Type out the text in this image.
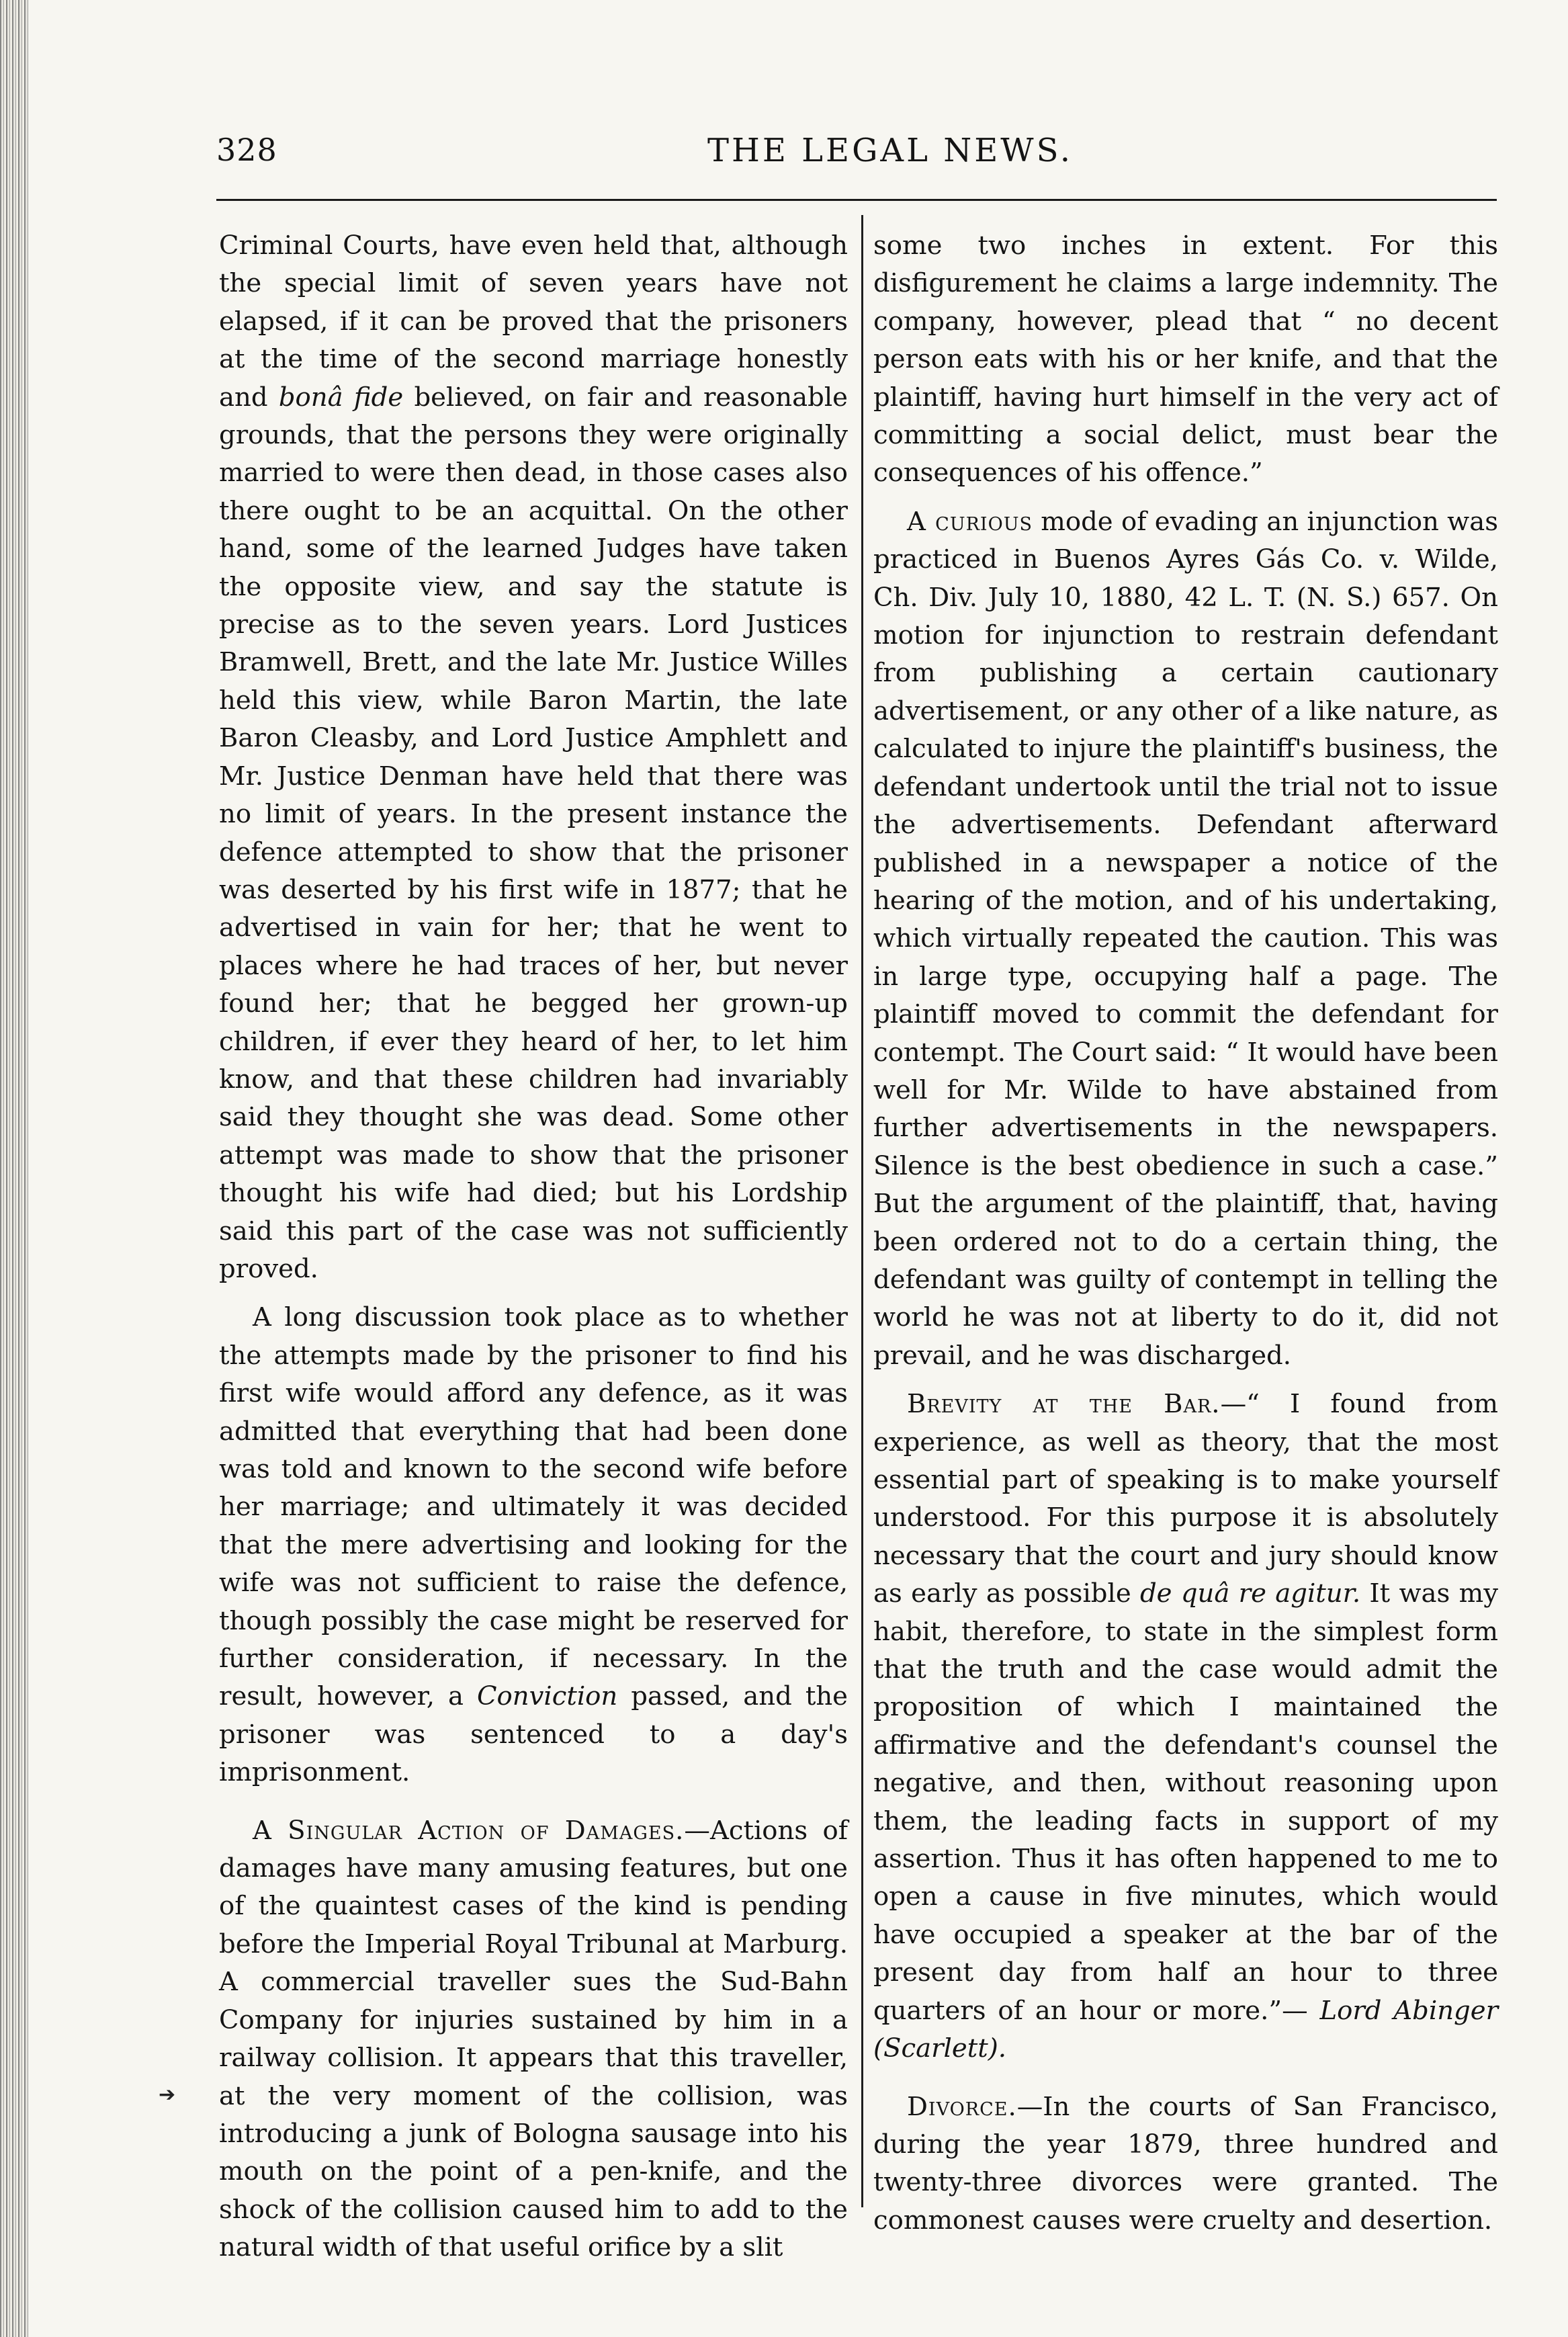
328	THE LEGAL NEWS.

Criminal Courts, have even held that, although the special limit of seven years have not elapsed, if it can be proved that the prisoners at the time of the second marriage honestly and bonâ fide believed, on fair and reasonable grounds, that the persons they were originally married to were then dead, in those cases also there ought to be an acquittal. On the other hand, some of the learned Judges have taken the opposite view, and say the statute is precise as to the seven years. Lord Justices Bramwell, Brett, and the late Mr. Justice Willes held this view, while Baron Martin, the late Baron Cleasby, and Lord Justice Amphlett and Mr. Justice Denman have held that there was no limit of years. In the present instance the defence attempted to show that the prisoner was deserted by his first wife in 1877; that he advertised in vain for her; that he went to places where he had traces of her, but never found her; that he begged her grown-up children, if ever they heard of her, to let him know, and that these children had invariably said they thought she was dead. Some other attempt was made to show that the prisoner thought his wife had died; but his Lordship said this part of the case was not sufficiently proved.

A long discussion took place as to whether the attempts made by the prisoner to find his first wife would afford any defence, as it was admitted that everything that had been done was told and known to the second wife before her marriage; and ultimately it was decided that the mere advertising and looking for the wife was not sufficient to raise the defence, though possibly the case might be reserved for further consideration, if necessary. In the result, however, a Conviction passed, and the prisoner was sentenced to a day's imprisonment.

A Singular Action of Damages.—Actions of damages have many amusing features, but one of the quaintest cases of the kind is pending before the Imperial Royal Tribunal at Marburg. A commercial traveller sues the Sud-Bahn Company for injuries sustained by him in a railway collision. It appears that this traveller, at the very moment of the collision, was introducing a junk of Bologna sausage into his mouth on the point of a pen-knife, and the shock of the collision caused him to add to the natural width of that useful orifice by a slit

some two inches in extent. For this disfigurement he claims a large indemnity. The company, however, plead that “ no decent person eats with his or her knife, and that the plaintiff, having hurt himself in the very act of committing a social delict, must bear the consequences of his offence.”

A curious mode of evading an injunction was practiced in Buenos Ayres Gás Co. v. Wilde, Ch. Div. July 10, 1880, 42 L. T. (N. S.) 657. On motion for injunction to restrain defendant from publishing a certain cautionary advertisement, or any other of a like nature, as calculated to injure the plaintiff's business, the defendant undertook until the trial not to issue the advertisements. Defendant afterward published in a newspaper a notice of the hearing of the motion, and of his undertaking, which virtually repeated the caution. This was in large type, occupying half a page. The plaintiff moved to commit the defendant for contempt. The Court said: “ It would have been well for Mr. Wilde to have abstained from further advertisements in the newspapers. Silence is the best obedience in such a case.” But the argument of the plaintiff, that, having been ordered not to do a certain thing, the defendant was guilty of contempt in telling the world he was not at liberty to do it, did not prevail, and he was discharged.

Brevity at the Bar.—“ I found from experience, as well as theory, that the most essential part of speaking is to make yourself understood. For this purpose it is absolutely necessary that the court and jury should know as early as possible de quâ re agitur. It was my habit, therefore, to state in the simplest form that the truth and the case would admit the proposition of which I maintained the affirmative and the defendant's counsel the negative, and then, without reasoning upon them, the leading facts in support of my assertion. Thus it has often happened to me to open a cause in five minutes, which would have occupied a speaker at the bar of the present day from half an hour to three quarters of an hour or more.”— Lord Abinger (Scarlett).

Divorce.—In the courts of San Francisco, during the year 1879, three hundred and twenty-three divorces were granted. The commonest causes were cruelty and desertion.

➔
